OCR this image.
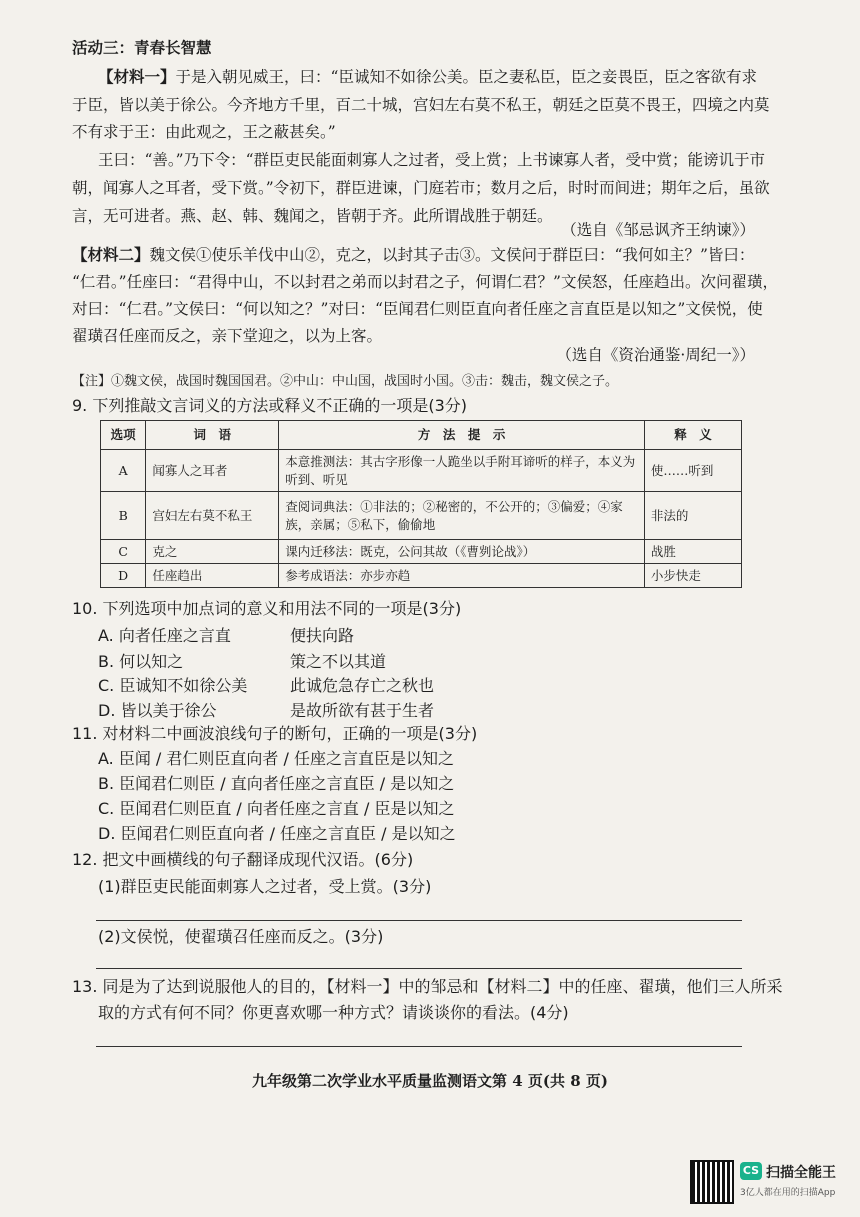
活动三：青春长智慧
【材料一】于是入朝见威王，曰：“臣诚知不如徐公美。臣之妻私臣，臣之妾畏臣，臣之客欲有求
于臣，皆以美于徐公。今齐地方千里，百二十城，宫妇左右莫不私王，朝廷之臣莫不畏王，四境之内莫
不有求于王：由此观之，王之蔽甚矣。”
王曰：“善。”乃下令：“群臣吏民能面刺寡人之过者，受上赏；上书谏寡人者，受中赏；能谤讥于市
朝，闻寡人之耳者，受下赏。”令初下，群臣进谏，门庭若市；数月之后，时时而间进；期年之后，虽欲
言，无可进者。燕、赵、韩、魏闻之，皆朝于齐。此所谓战胜于朝廷。
（选自《邹忌讽齐王纳谏》）
【材料二】魏文侯①使乐羊伐中山②，克之，以封其子击③。文侯问于群臣曰：“我何如主？”皆曰：
“仁君。”任座曰：“君得中山，不以封君之弟而以封君之子，何谓仁君？”文侯怒，任座趋出。次问翟璜，
对曰：“仁君。”文侯曰：“何以知之？”对曰：“臣闻君仁则臣直向者任座之言直臣是以知之”文侯悦，使
翟璜召任座而反之，亲下堂迎之，以为上客。
（选自《资治通鉴·周纪一》）
【注】①魏文侯，战国时魏国国君。②中山：中山国，战国时小国。③击：魏击，魏文侯之子。
9. 下列推敲文言词义的方法或释义不正确的一项是(3分)
选项	词　语	方　法　提　示	释　义
A	闻寡人之耳者	本意推测法：其古字形像一人跪坐以手附耳谛听的样子，本义为听到、听见	使……听到
B	宫妇左右莫不私王	查阅词典法：①非法的；②秘密的，不公开的；③偏爱；④家族，亲属；⑤私下，偷偷地	非法的
C	克之	课内迁移法：既克，公问其故（《曹刿论战》）	战胜
D	任座趋出	参考成语法：亦步亦趋	小步快走
10. 下列选项中加点词的意义和用法不同的一项是(3分)
A. 向者任座之言直	便扶向路
B. 何以知之	策之不以其道
C. 臣诚知不如徐公美	此诚危急存亡之秋也
D. 皆以美于徐公	是故所欲有甚于生者
11. 对材料二中画波浪线句子的断句，正确的一项是(3分)
A. 臣闻 / 君仁则臣直向者 / 任座之言直臣是以知之
B. 臣闻君仁则臣 / 直向者任座之言直臣 / 是以知之
C. 臣闻君仁则臣直 / 向者任座之言直 / 臣是以知之
D. 臣闻君仁则臣直向者 / 任座之言直臣 / 是以知之
12. 把文中画横线的句子翻译成现代汉语。(6分)
(1)群臣吏民能面刺寡人之过者，受上赏。(3分)
(2)文侯悦，使翟璜召任座而反之。(3分)
13. 同是为了达到说服他人的目的，【材料一】中的邹忌和【材料二】中的任座、翟璜，他们三人所采
取的方式有何不同？你更喜欢哪一种方式？请谈谈你的看法。(4分)
九年级第二次学业水平质量监测语文第 4 页(共 8 页)
CS 扫描全能王
3亿人都在用的扫描App
